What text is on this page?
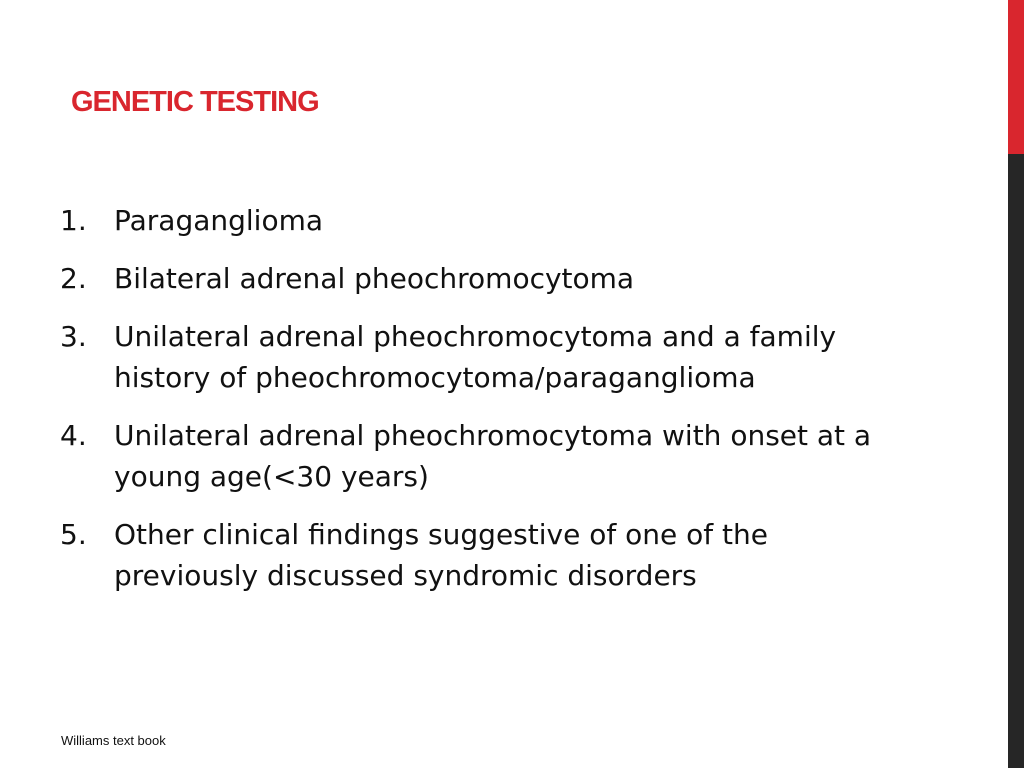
GENETIC TESTING
1. Paraganglioma
2. Bilateral adrenal pheochromocytoma
3. Unilateral adrenal pheochromocytoma and a family history of pheochromocytoma/paraganglioma
4. Unilateral adrenal pheochromocytoma with onset at a young age(<30 years)
5. Other clinical findings suggestive of one of the previously discussed syndromic disorders
Williams text book
